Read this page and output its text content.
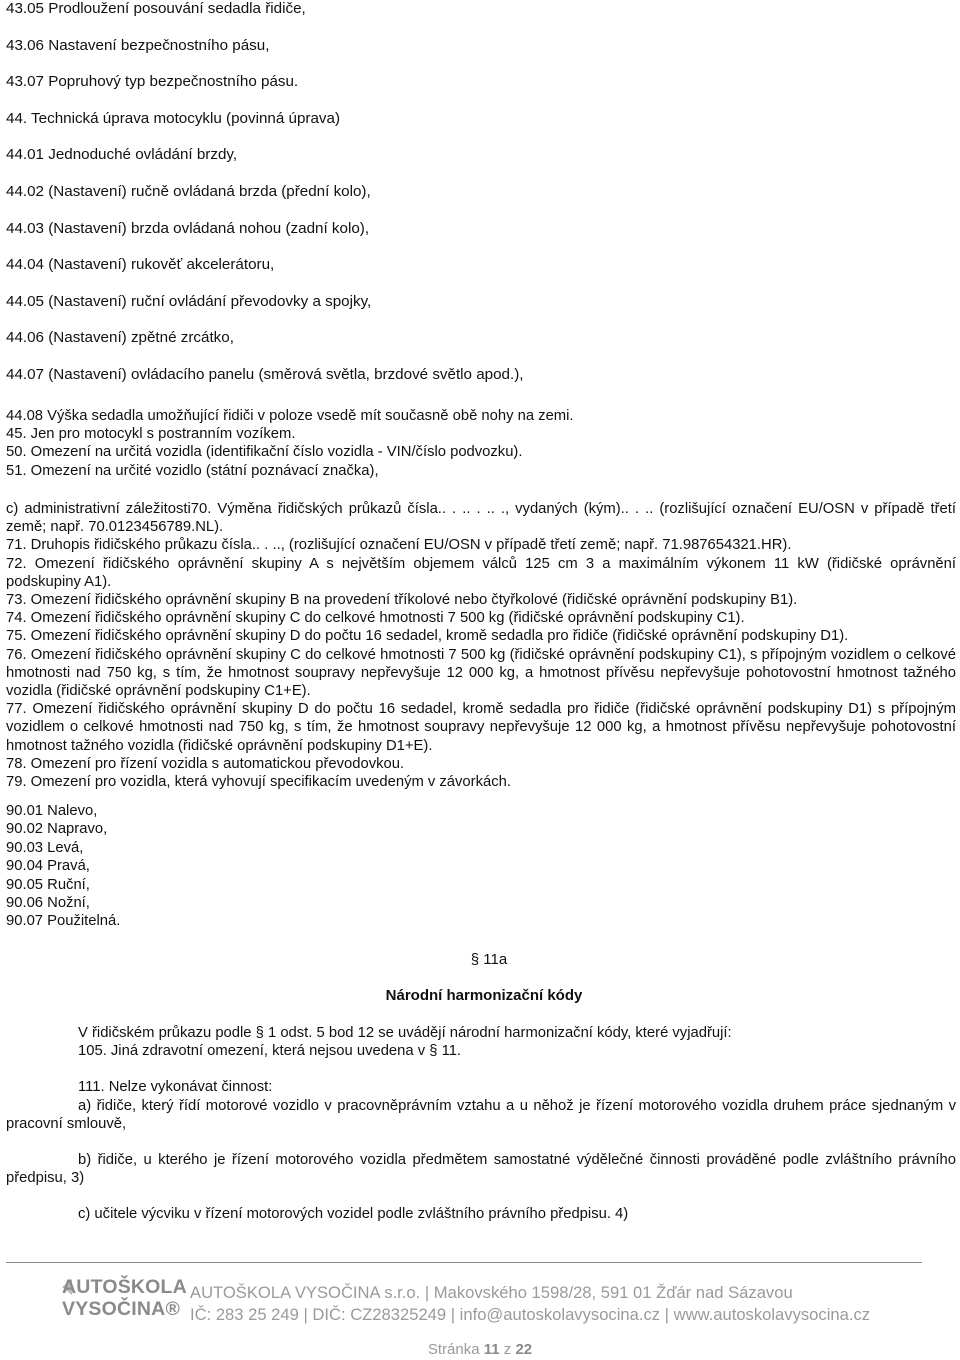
43.05 Prodloužení posouvání sedadla řidiče,
43.06 Nastavení bezpečnostního pásu,
43.07 Popruhový typ bezpečnostního pásu.
44. Technická úprava motocyklu (povinná úprava)
44.01 Jednoduché ovládání brzdy,
44.02 (Nastavení) ručně ovládaná brzda (přední kolo),
44.03 (Nastavení) brzda ovládaná nohou (zadní kolo),
44.04 (Nastavení) rukověť akcelerátoru,
44.05 (Nastavení) ruční ovládání převodovky a spojky,
44.06 (Nastavení) zpětné zrcátko,
44.07 (Nastavení) ovládacího panelu (směrová světla, brzdové světlo apod.),
44.08 Výška sedadla umožňující řidiči v poloze vsedě mít současně obě nohy na zemi.
45. Jen pro motocykl s postranním vozíkem.
50. Omezení na určitá vozidla (identifikační číslo vozidla - VIN/číslo podvozku).
51. Omezení na určité vozidlo (státní poznávací značka),

c) administrativní záležitosti70. Výměna řidičských průkazů čísla.. . .. . .. ., vydaných (kým).. . .. (rozlišující označení EU/OSN v případě třetí země; např. 70.0123456789.NL).

71. Druhopis řidičského průkazu čísla.. . .., (rozlišující označení EU/OSN v případě třetí země; např. 71.987654321.HR).

72. Omezení řidičského oprávnění skupiny A s největším objemem válců 125 cm 3 a maximálním výkonem 11 kW (řidičské oprávnění podskupiny A1).

73. Omezení řidičského oprávnění skupiny B na provedení tříkolové nebo čtyřkolové (řidičské oprávnění podskupiny B1).

74. Omezení řidičského oprávnění skupiny C do celkové hmotnosti 7 500 kg (řidičské oprávnění podskupiny C1).

75. Omezení řidičského oprávnění skupiny D do počtu 16 sedadel, kromě sedadla pro řidiče (řidičské oprávnění podskupiny D1).

76. Omezení řidičského oprávnění skupiny C do celkové hmotnosti 7 500 kg (řidičské oprávnění podskupiny C1), s přípojným vozidlem o celkové hmotnosti nad 750 kg, s tím, že hmotnost soupravy nepřevyšuje 12 000 kg, a hmotnost přívěsu nepřevyšuje pohotovostní hmotnost tažného vozidla (řidičské oprávnění podskupiny C1+E).

77. Omezení řidičského oprávnění skupiny D do počtu 16 sedadel, kromě sedadla pro řidiče (řidičské oprávnění podskupiny D1) s přípojným vozidlem o celkové hmotnosti nad 750 kg, s tím, že hmotnost soupravy nepřevyšuje 12 000 kg, a hmotnost přívěsu nepřevyšuje pohotovostní hmotnost tažného vozidla (řidičské oprávnění podskupiny D1+E).

78. Omezení pro řízení vozidla s automatickou převodovkou.

79. Omezení pro vozidla, která vyhovují specifikacím uvedeným v závorkách.

90.01 Nalevo,
90.02 Napravo,
90.03 Levá,
90.04 Pravá,
90.05 Ruční,
90.06 Nožní,
90.07 Použitelná.
§ 11a
Národní harmonizační kódy

V řidičském průkazu podle § 1 odst. 5 bod 12 se uvádějí národní harmonizační kódy, které vyjadřují:

105. Jiná zdravotní omezení, která nejsou uvedena v § 11.

111. Nelze vykonávat činnost:

a) řidiče, který řídí motorové vozidlo v pracovněprávním vztahu a u něhož je řízení motorového vozidla druhem práce sjednaným v pracovní smlouvě,

b) řidiče, u kterého je řízení motorového vozidla předmětem samostatné výdělečné činnosti prováděné podle zvláštního právního předpisu, 3)

c) učitele výcviku v řízení motorových vozidel podle zvláštního právního předpisu. 4)

AUTOŠKOLA
VYSOČINA®
AUTOŠKOLA VYSOČINA s.r.o. | Makovského 1598/28, 591 01 Žďár nad Sázavou
IČ: 283 25 249 | DIČ: CZ28325249 | info@autoskolavysocina.cz | www.autoskolavysocina.cz
Stránka 11 z 22
